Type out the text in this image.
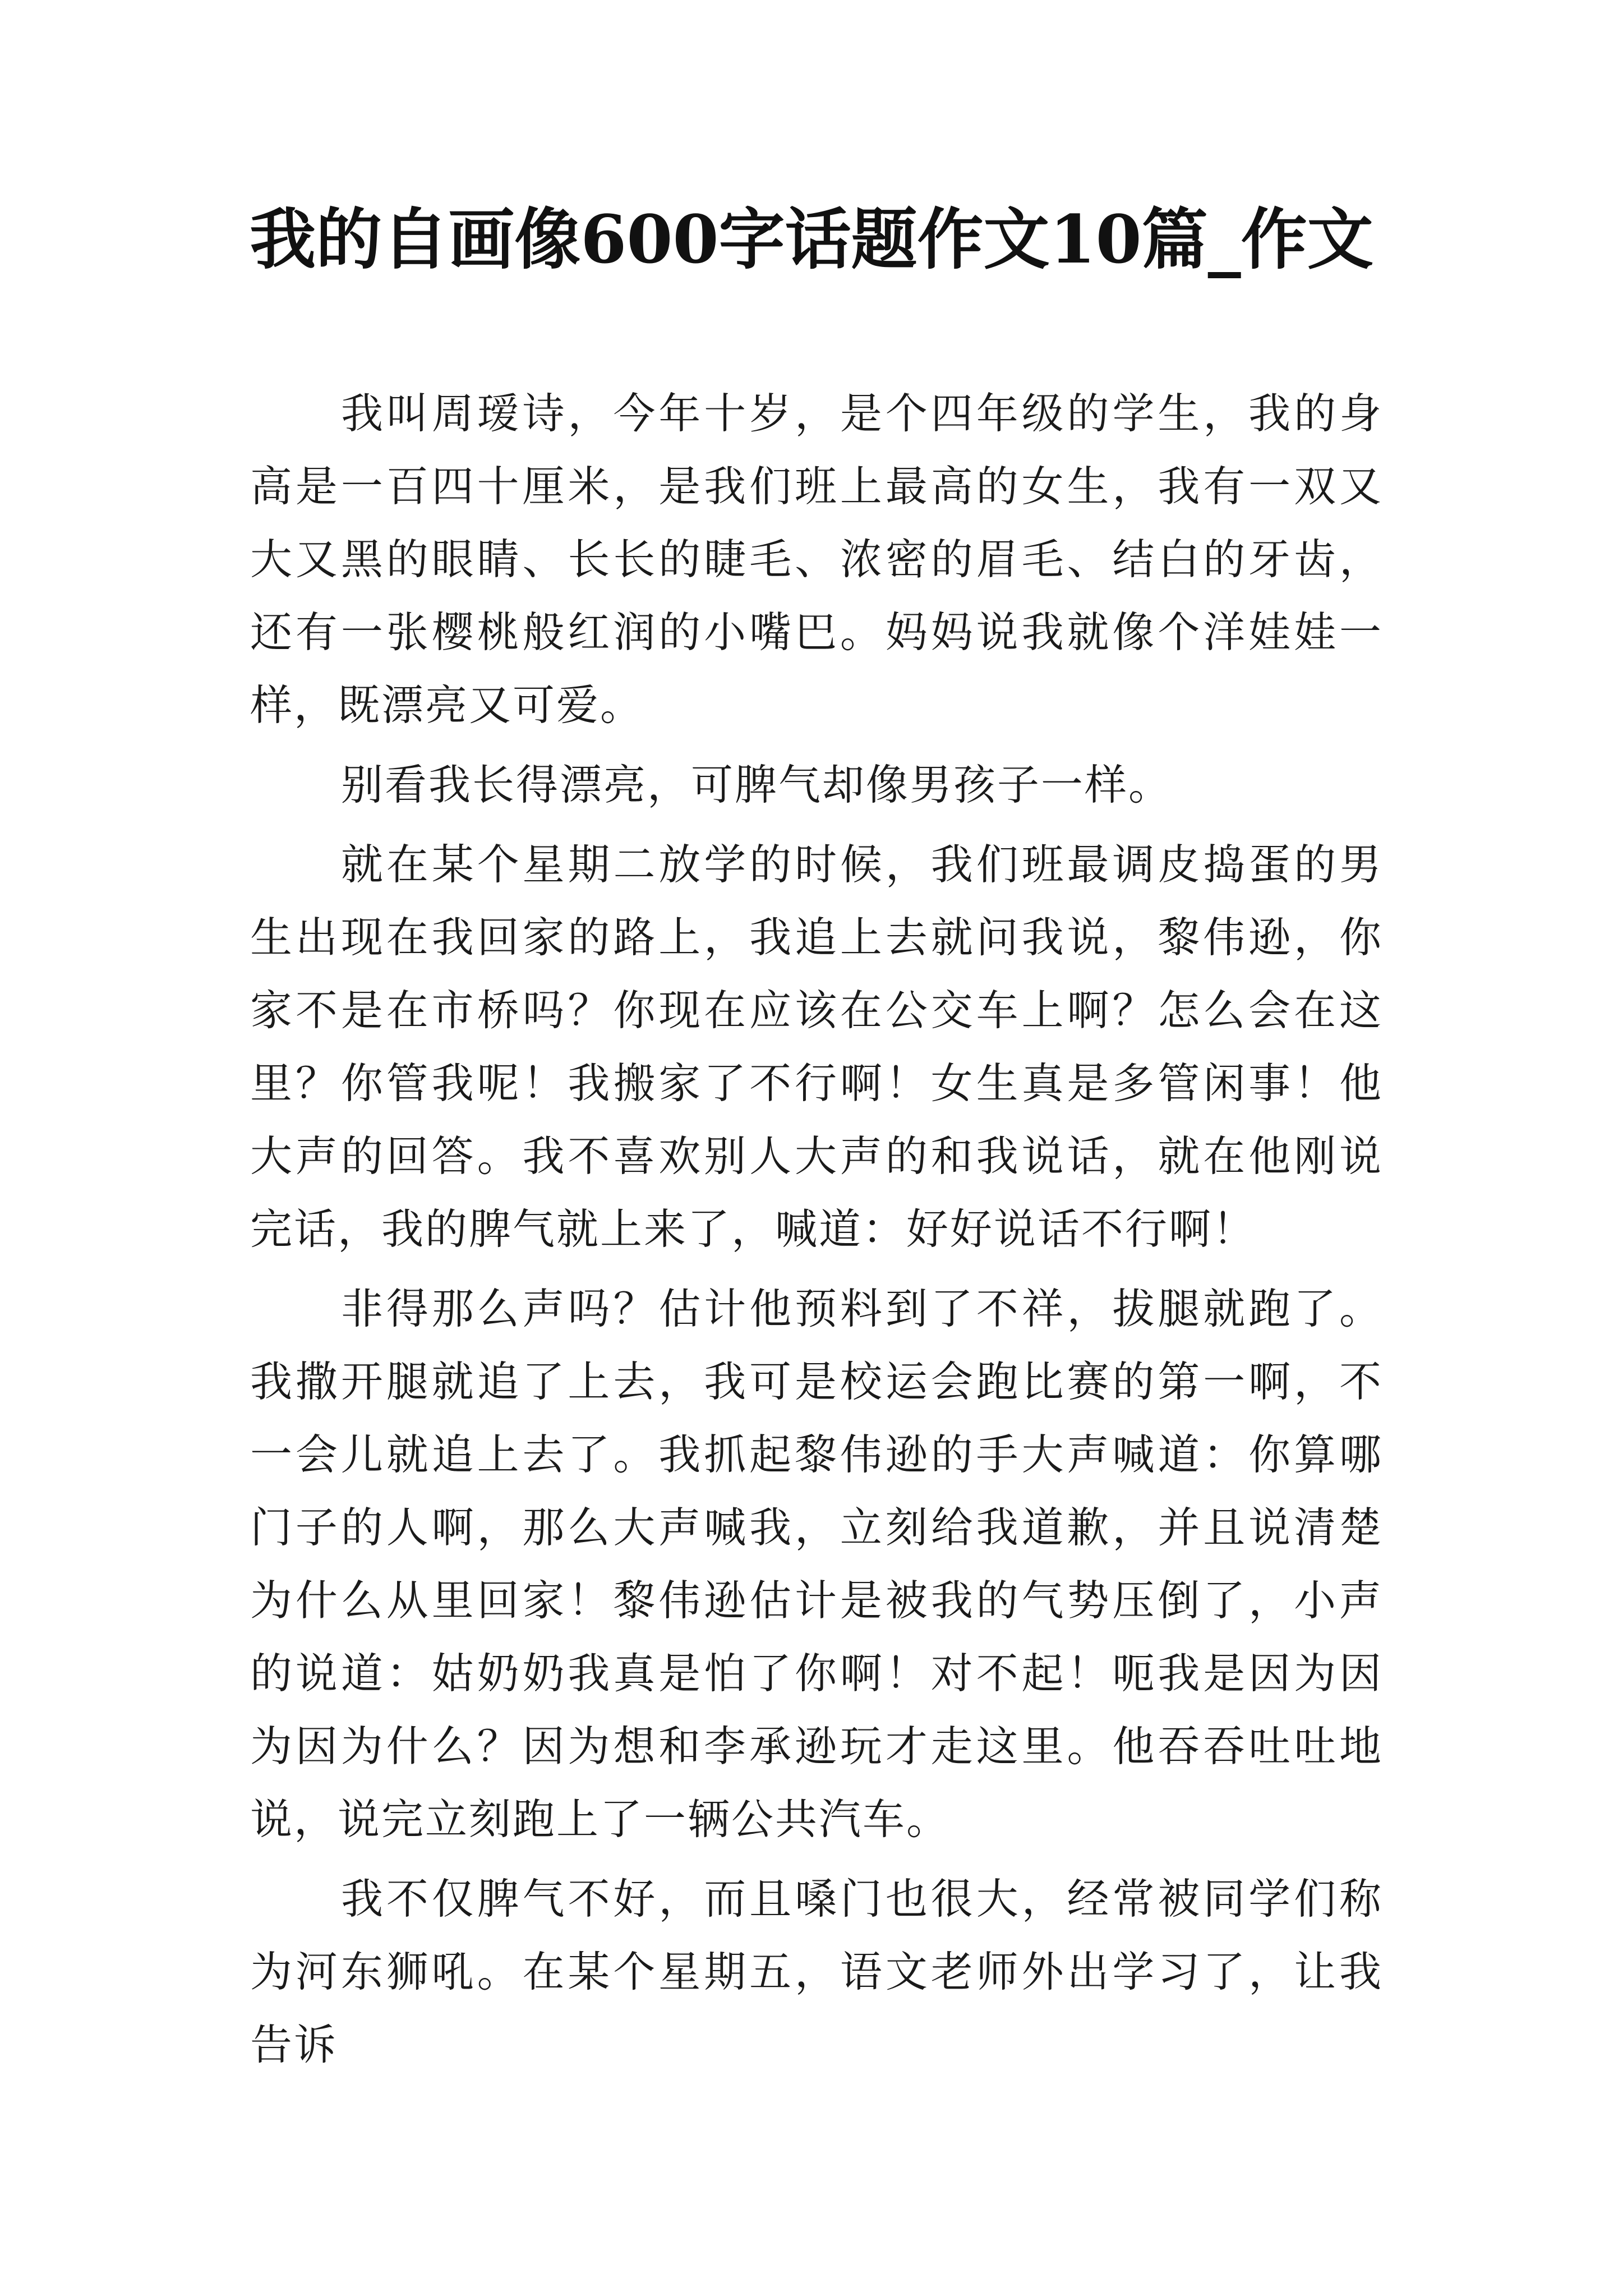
我的自画像600字话题作文10篇_作文

我叫周瑷诗，今年十岁，是个四年级的学生，我的身高是一百四十厘米，是我们班上最高的女生，我有一双又大又黑的眼睛、长长的睫毛、浓密的眉毛、结白的牙齿，还有一张樱桃般红润的小嘴巴。妈妈说我就像个洋娃娃一样，既漂亮又可爱。

别看我长得漂亮，可脾气却像男孩子一样。

就在某个星期二放学的时候，我们班最调皮捣蛋的男生出现在我回家的路上，我追上去就问我说，黎伟逊，你家不是在市桥吗？你现在应该在公交车上啊？怎么会在这里？你管我呢！我搬家了不行啊！女生真是多管闲事！他大声的回答。我不喜欢别人大声的和我说话，就在他刚说完话，我的脾气就上来了，喊道：好好说话不行啊！

非得那么声吗？估计他预料到了不祥，拔腿就跑了。我撒开腿就追了上去，我可是校运会跑比赛的第一啊，不一会儿就追上去了。我抓起黎伟逊的手大声喊道：你算哪门子的人啊，那么大声喊我，立刻给我道歉，并且说清楚为什么从里回家！黎伟逊估计是被我的气势压倒了，小声的说道：姑奶奶我真是怕了你啊！对不起！呃我是因为因为因为什么？因为想和李承逊玩才走这里。他吞吞吐吐地说，说完立刻跑上了一辆公共汽车。

我不仅脾气不好，而且嗓门也很大，经常被同学们称为河东狮吼。在某个星期五，语文老师外出学习了，让我告诉
